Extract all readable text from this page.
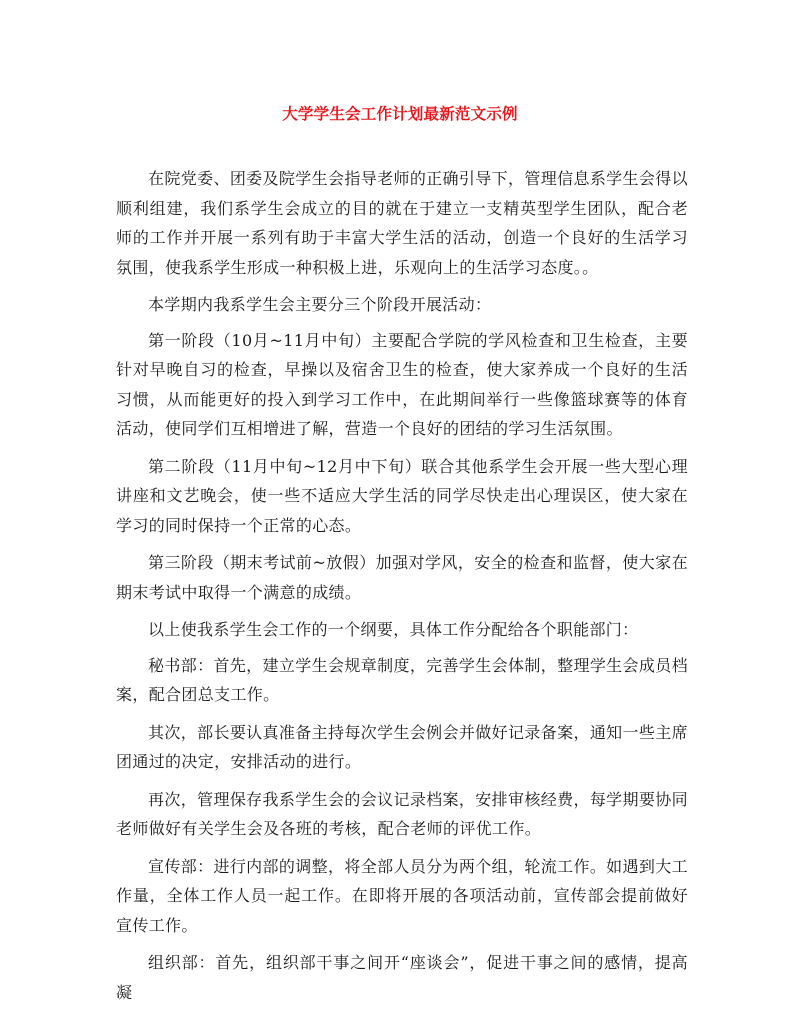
大学学生会工作计划最新范文示例

在院党委、团委及院学生会指导老师的正确引导下，管理信息系学生会得以顺利组建，我们系学生会成立的目的就在于建立一支精英型学生团队，配合老师的工作并开展一系列有助于丰富大学生活的活动，创造一个良好的生活学习氛围，使我系学生形成一种积极上进，乐观向上的生活学习态度。。

本学期内我系学生会主要分三个阶段开展活动：

第一阶段（10月~11月中旬）主要配合学院的学风检查和卫生检查，主要针对早晚自习的检查，早操以及宿舍卫生的检查，使大家养成一个良好的生活习惯，从而能更好的投入到学习工作中，在此期间举行一些像篮球赛等的体育活动，使同学们互相增进了解，营造一个良好的团结的学习生活氛围。

第二阶段（11月中旬~12月中下旬）联合其他系学生会开展一些大型心理讲座和文艺晚会，使一些不适应大学生活的同学尽快走出心理误区，使大家在学习的同时保持一个正常的心态。

第三阶段（期末考试前~放假）加强对学风，安全的检查和监督，使大家在期末考试中取得一个满意的成绩。

以上使我系学生会工作的一个纲要，具体工作分配给各个职能部门：

秘书部：首先，建立学生会规章制度，完善学生会体制，整理学生会成员档案，配合团总支工作。

其次，部长要认真准备主持每次学生会例会并做好记录备案，通知一些主席团通过的决定，安排活动的进行。

再次，管理保存我系学生会的会议记录档案，安排审核经费，每学期要协同老师做好有关学生会及各班的考核，配合老师的评优工作。

宣传部：进行内部的调整，将全部人员分为两个组，轮流工作。如遇到大工作量，全体工作人员一起工作。在即将开展的各项活动前，宣传部会提前做好宣传工作。

组织部：首先，组织部干事之间开“座谈会”，促进干事之间的感情，提高凝
